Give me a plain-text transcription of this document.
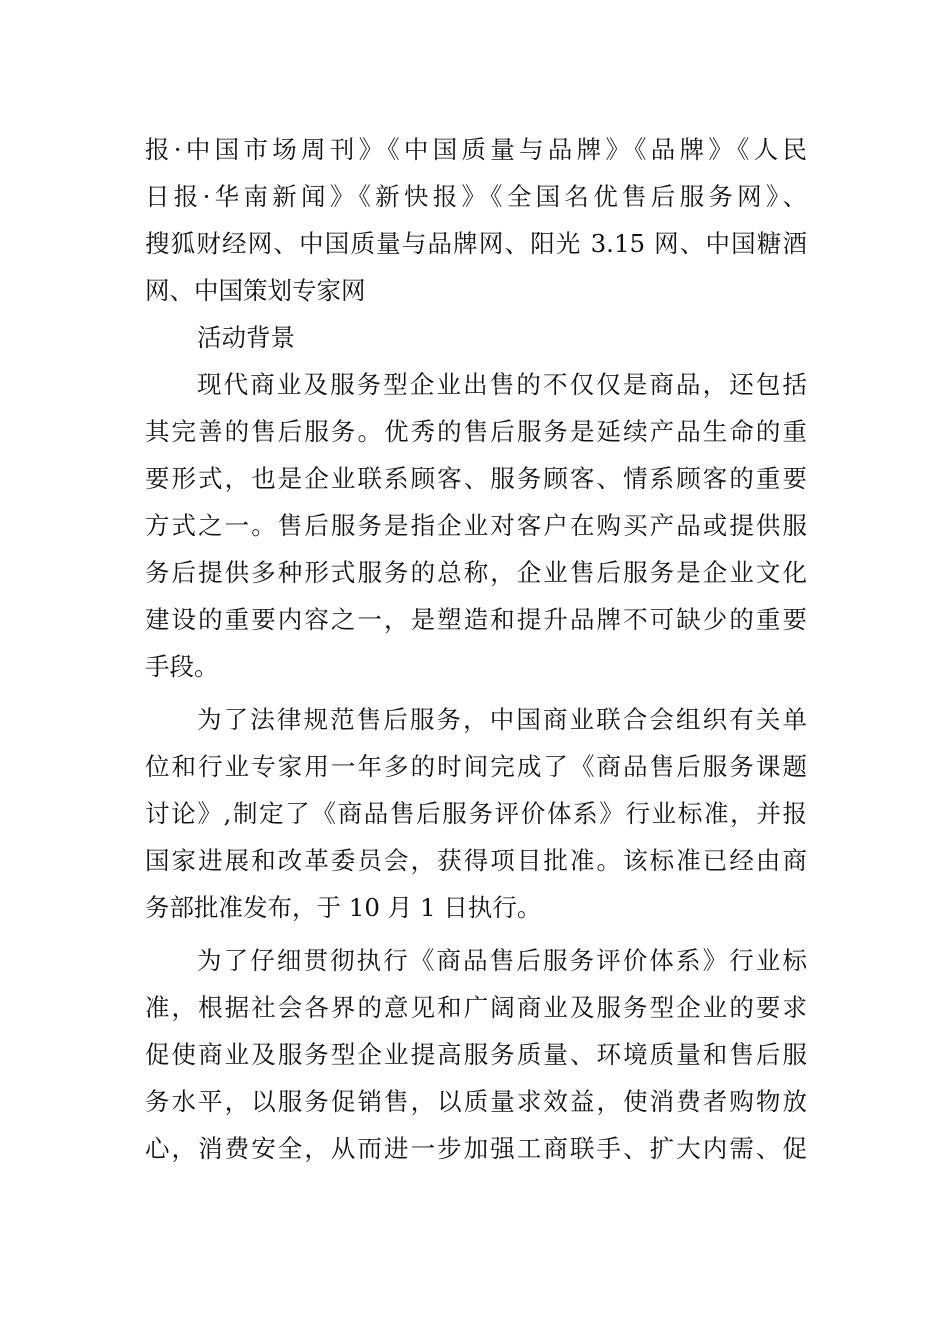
报·中国市场周刊》《中国质量与品牌》《品牌》《人民
日报·华南新闻》《新快报》《全国名优售后服务网》、
搜狐财经网、中国质量与品牌网、阳光 3.15 网、中国糖酒
网、中国策划专家网
活动背景
现代商业及服务型企业出售的不仅仅是商品，还包括
其完善的售后服务。优秀的售后服务是延续产品生命的重
要形式，也是企业联系顾客、服务顾客、情系顾客的重要
方式之一。售后服务是指企业对客户在购买产品或提供服
务后提供多种形式服务的总称，企业售后服务是企业文化
建设的重要内容之一，是塑造和提升品牌不可缺少的重要
手段。
为了法律规范售后服务，中国商业联合会组织有关单
位和行业专家用一年多的时间完成了《商品售后服务课题
讨论》,制定了《商品售后服务评价体系》行业标准，并报
国家进展和改革委员会，获得项目批准。该标准已经由商
务部批准发布，于 10 月 1 日执行。
为了仔细贯彻执行《商品售后服务评价体系》行业标
准，根据社会各界的意见和广阔商业及服务型企业的要求
促使商业及服务型企业提高服务质量、环境质量和售后服
务水平，以服务促销售，以质量求效益，使消费者购物放
心，消费安全，从而进一步加强工商联手、扩大内需、促
